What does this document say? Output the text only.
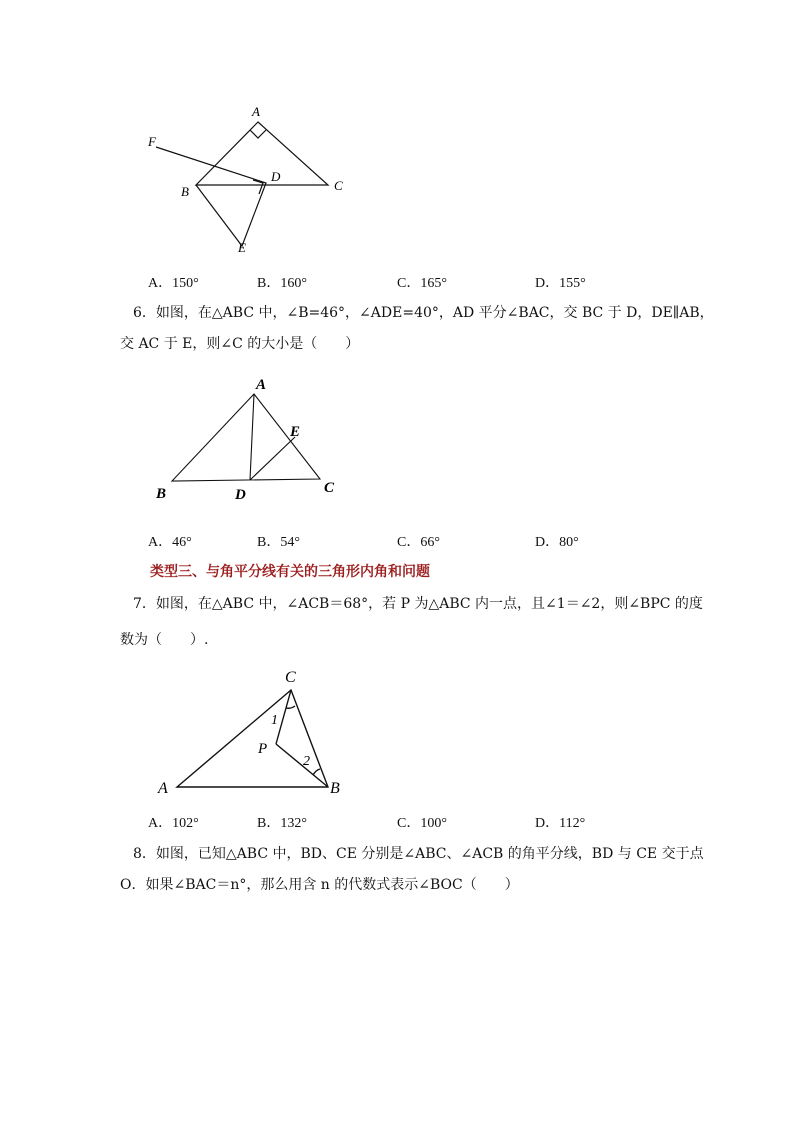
A
B	C
D
E
F
A．150°	B．160°	C．165°	D．155°
6．如图，在△ABC 中，∠B=46°，∠ADE=40°，AD 平分∠BAC，交 BC 于 D，DE∥AB，
交 AC 于 E，则∠C 的大小是（　　）
A
B	C
D
E
A．46°	B．54°	C．66°	D．80°
类型三、与角平分线有关的三角形内角和问题
7．如图，在△ABC 中，∠ACB＝68°，若 P 为△ABC 内一点，且∠1＝∠2，则∠BPC 的度
数为（　　）.
C
A	B
P
1
2
A．102°	B．132°	C．100°	D．112°
8．如图，已知△ABC 中，BD、CE 分别是∠ABC、∠ACB 的角平分线，BD 与 CE 交于点
O．如果∠BAC＝n°，那么用含 n 的代数式表示∠BOC（　　）
